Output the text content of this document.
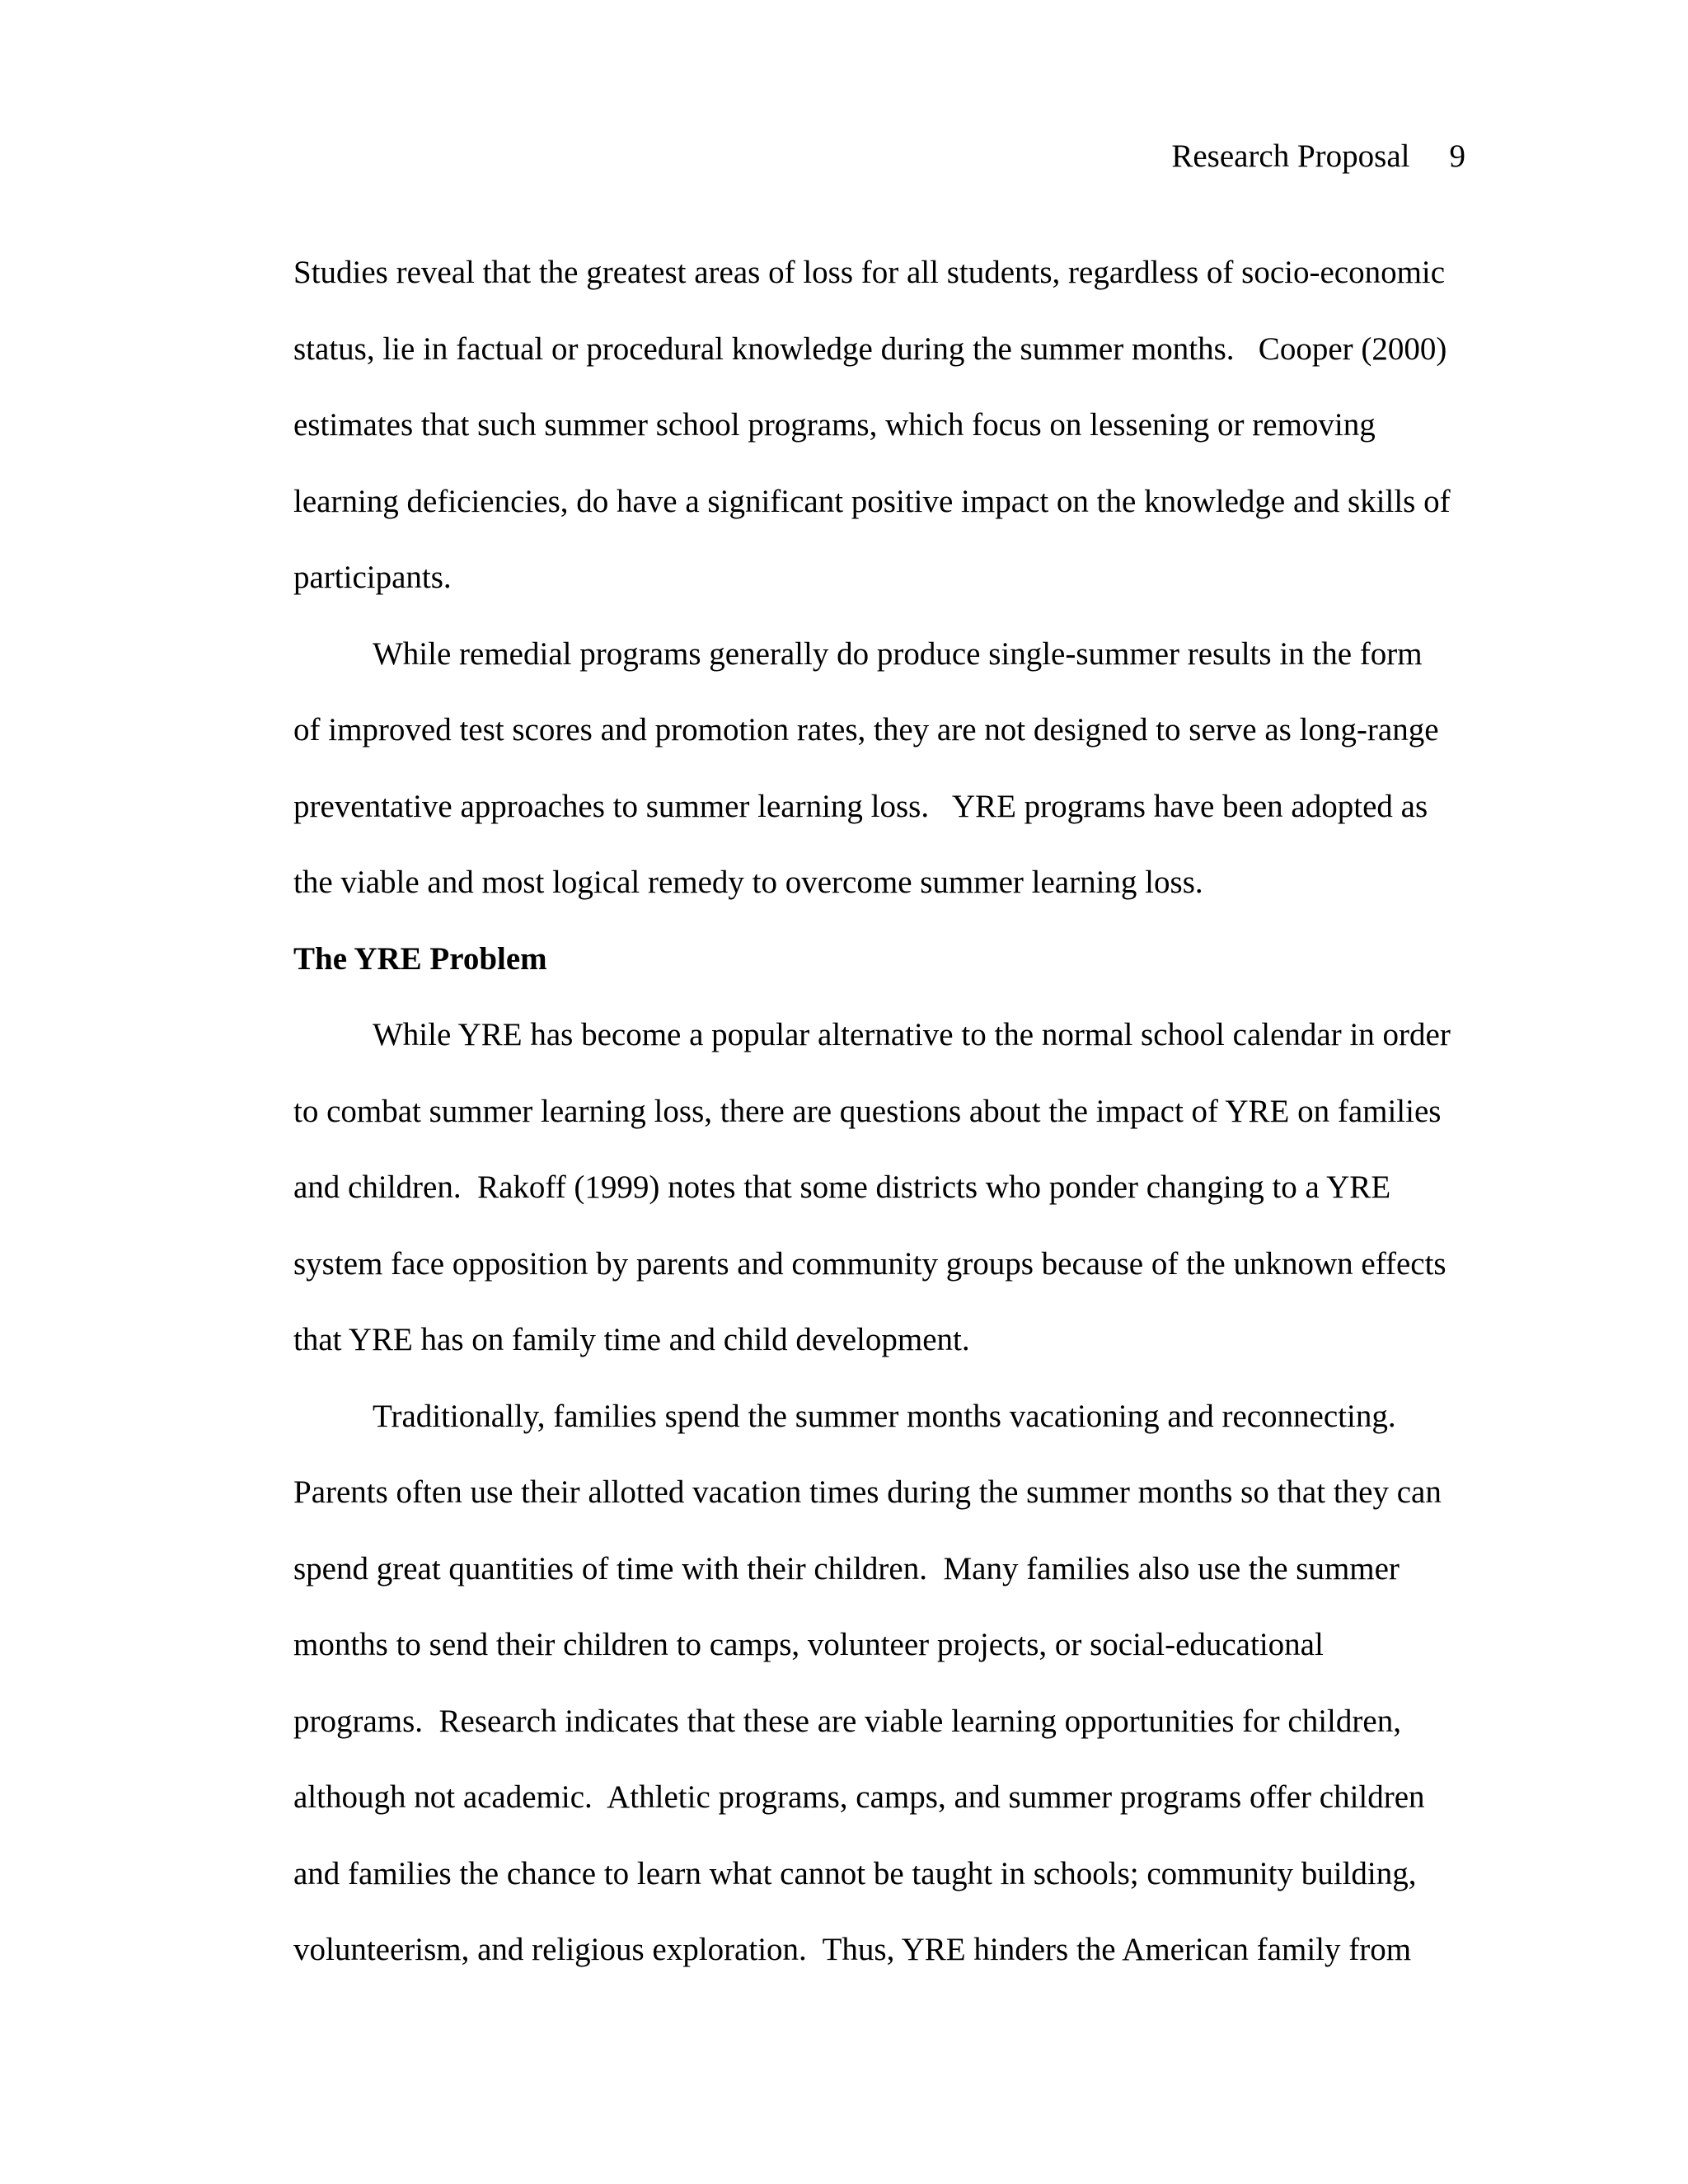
Research Proposal 9
Studies reveal that the greatest areas of loss for all students, regardless of socio-economic
status, lie in factual or procedural knowledge during the summer months.   Cooper (2000)
estimates that such summer school programs, which focus on lessening or removing
learning deficiencies, do have a significant positive impact on the knowledge and skills of
participants.
While remedial programs generally do produce single-summer results in the form
of improved test scores and promotion rates, they are not designed to serve as long-range
preventative approaches to summer learning loss.   YRE programs have been adopted as
the viable and most logical remedy to overcome summer learning loss.
The YRE Problem
While YRE has become a popular alternative to the normal school calendar in order
to combat summer learning loss, there are questions about the impact of YRE on families
and children.  Rakoff (1999) notes that some districts who ponder changing to a YRE
system face opposition by parents and community groups because of the unknown effects
that YRE has on family time and child development.
Traditionally, families spend the summer months vacationing and reconnecting.
Parents often use their allotted vacation times during the summer months so that they can
spend great quantities of time with their children.  Many families also use the summer
months to send their children to camps, volunteer projects, or social-educational
programs.  Research indicates that these are viable learning opportunities for children,
although not academic.  Athletic programs, camps, and summer programs offer children
and families the chance to learn what cannot be taught in schools; community building,
volunteerism, and religious exploration.  Thus, YRE hinders the American family from
